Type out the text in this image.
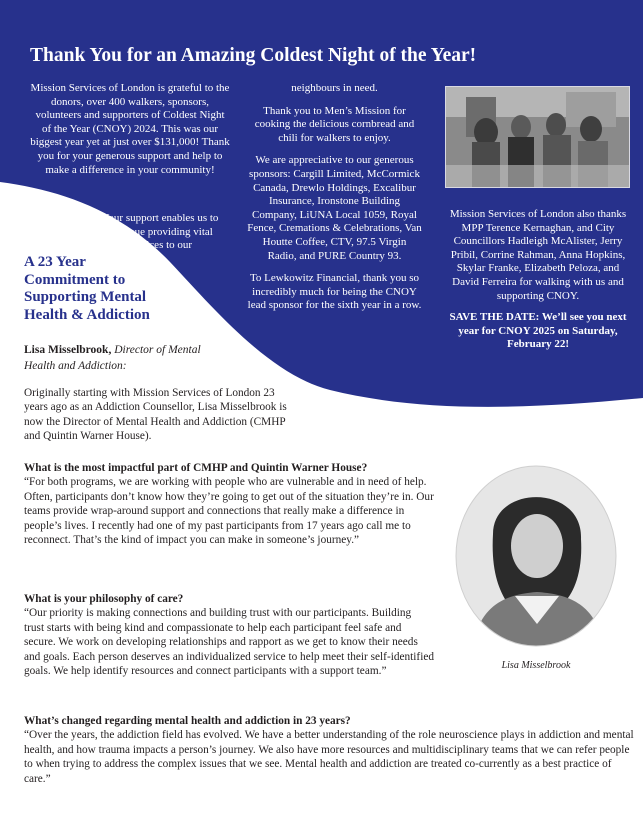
Thank You for an Amazing Coldest Night of the Year!

Mission Services of London is grateful to the donors, over 400 walkers, sponsors, volunteers and supporters of Coldest Night of the Year (CNOY) 2024. This was our biggest year yet at just over $131,000! Thank you for your generous support and help to make a difference in your community!

Your support enables us to continue providing vital services to our

neighbours in need.

Thank you to Men’s Mission for cooking the delicious cornbread and chili for walkers to enjoy.

We are appreciative to our generous sponsors: Cargill Limited, McCormick Canada, Drewlo Holdings, Excalibur Insurance, Ironstone Building Company, LiUNA Local 1059, Royal Fence, Cremations & Celebrations, Van Houtte Coffee, CTV, 97.5 Virgin Radio, and PURE Country 93.

To Lewkowitz Financial, thank you so incredibly much for being the CNOY lead sponsor for the sixth year in a row.

Mission Services of London also thanks MPP Terence Kernaghan, and City Councillors Hadleigh McAlister, Jerry Pribil, Corrine Rahman, Anna Hopkins, Skylar Franke, Elizabeth Peloza, and David Ferreira for walking with us and supporting CNOY.

SAVE THE DATE: We’ll see you next year for CNOY 2025 on Saturday, February 22!

A 23 Year Commitment to Supporting Mental Health & Addiction
Lisa Misselbrook, Director of Mental Health and Addiction:
Originally starting with Mission Services of London 23 years ago as an Addiction Counsellor, Lisa Misselbrook is now the Director of Mental Health and Addiction (CMHP and Quintin Warner House).
What is the most impactful part of CMHP and Quintin Warner House?
“For both programs, we are working with people who are vulnerable and in need of help. Often, participants don’t know how they’re going to get out of the situation they’re in. Our teams provide wrap-around support and connections that really make a difference in people’s lives. I recently had one of my past participants from 17 years ago call me to reconnect. That’s the kind of impact you can make in someone’s journey.”
What is your philosophy of care?
“Our priority is making connections and building trust with our participants. Building trust starts with being kind and compassionate to help each participant feel safe and secure. We work on developing relationships and rapport as we get to know their needs and goals. Each person deserves an individualized service to help meet their self-identified goals. We help identify resources and connect participants with a support team.”
What’s changed regarding mental health and addiction in 23 years?
“Over the years, the addiction field has evolved. We have a better understanding of the role neuroscience plays in addiction and mental health, and how trauma impacts a person’s journey. We also have more resources and multidisciplinary teams that we can refer people to when trying to address the complex issues that we see. Mental health and addiction are treated co-currently as a best practice of care.”
Lisa Misselbrook
